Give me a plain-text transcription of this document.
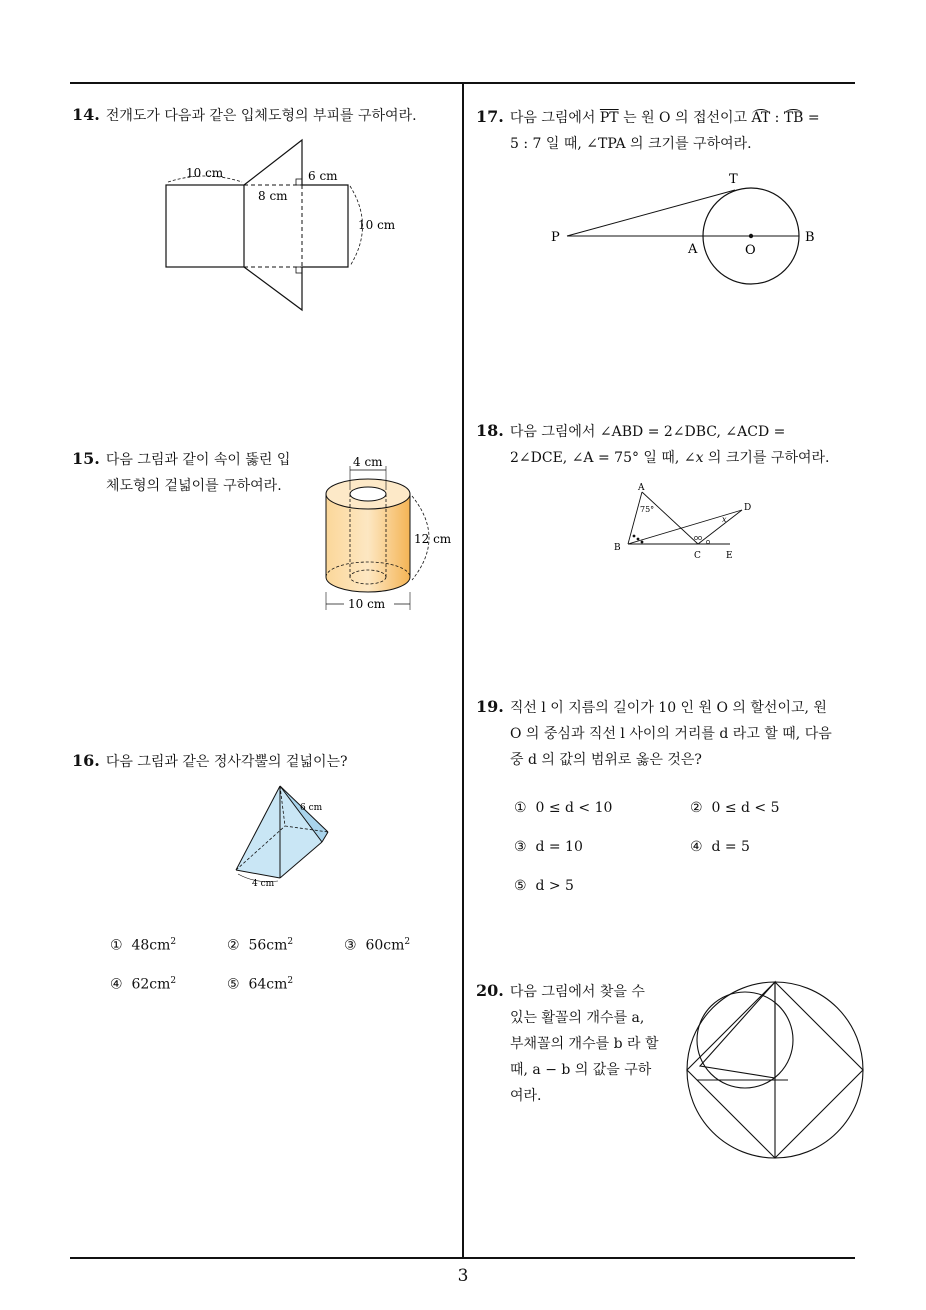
14. 전개도가 다음과 같은 입체도형의 부피를 구하여라.
10 cm
8 cm
6 cm
10 cm
15. 다음 그림과 같이 속이 뚫린 입
체도형의 겉넓이를 구하여라.
4 cm
12 cm
10 cm
16. 다음 그림과 같은 정사각뿔의 겉넓이는?
6 cm
4 cm
① $48cm^2$	② $56cm^2$	③ $60cm^2$
④ $62cm^2$	⑤ $64cm^2$
17. 다음 그림에서 $\overline{PT}$ 는 원 O 의 접선이고 AT : TB =
5 : 7 일 때, ∠TPA 의 크기를 구하여라.
P
T
A	O
B
18. 다음 그림에서 ∠ABD = 2∠DBC, ∠ACD =
2∠DCE, ∠A = 75° 일 때, ∠x 의 크기를 구하여라.
A
B
C
D
E
75°
x
19. 직선 l 이 지름의 길이가 10 인 원 O 의 할선이고, 원
O 의 중심과 직선 l 사이의 거리를 d 라고 할 때, 다음
중 d 의 값의 범위로 옳은 것은?
① 0 ≤ d < 10	② 0 ≤ d < 5
③ d = 10	④ d = 5
⑤ d > 5
20. 다음 그림에서 찾을 수
있는 활꼴의 개수를 a,
부채꼴의 개수를 b 라 할
때, a − b 의 값을 구하
여라.
3
